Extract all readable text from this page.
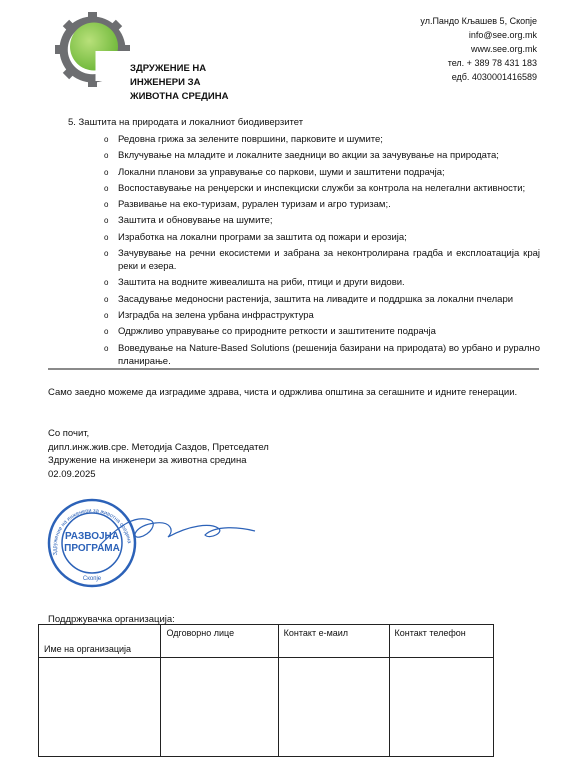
ЗДРУЖЕНИЕ НА
ИНЖЕНЕРИ ЗА
ЖИВОТНА СРЕДИНА
ул.Пандо Кљашев 5, Скопје
info@see.org.mk
www.see.org.mk
тел. + 389 78 431 183
едб. 4030001416589
5. Заштита на природата и локалниот биодиверзитет
o Редовна грижа за зелените површини, парковите и шумите;
o Вклучување на младите и локалните заедници во акции за зачувување на природата;
o Локални планови за управување со паркови, шуми и заштитени подрачја;
o Воспоставување на ренџерски и инспекциски служби за контрола на нелегални активности;
o Развивање на еко-туризам, рурален туризам и агро туризам;.
o Заштита и обновување на шумите;
o Изработка на локални програми за заштита од пожари и ерозија;
o Зачувување на речни екосистеми и забрана за неконтролирана градба и експлоатација крај реки и езера.
o Заштита на водните живеалишта на риби, птици и други видови.
o Засадување медоносни растенија, заштита на ливадите и поддршка за локални пчелари
o Изградба на зелена урбана инфраструктура
o Одржливо управување со природните реткости и заштитените подрачја
o Воведување на Nature-Based Solutions (решенија базирани на природата) во урбано и рурално планирање.
Само заедно можеме да изградиме здрава, чиста и одржлива општина за сегашните и идните генерации.
Со почит,
дипл.инж.жив.сре. Методија Саздов, Претседател
Здружение на инженери за животна средина
02.09.2025
РАЗВОЈНА
ПРОГРАМА
Здружение на инженери за животна средина
Скопје
Поддржувачка организација:
Име на организација	Одговорно лице	Контакт е-маил	Контакт телефон
